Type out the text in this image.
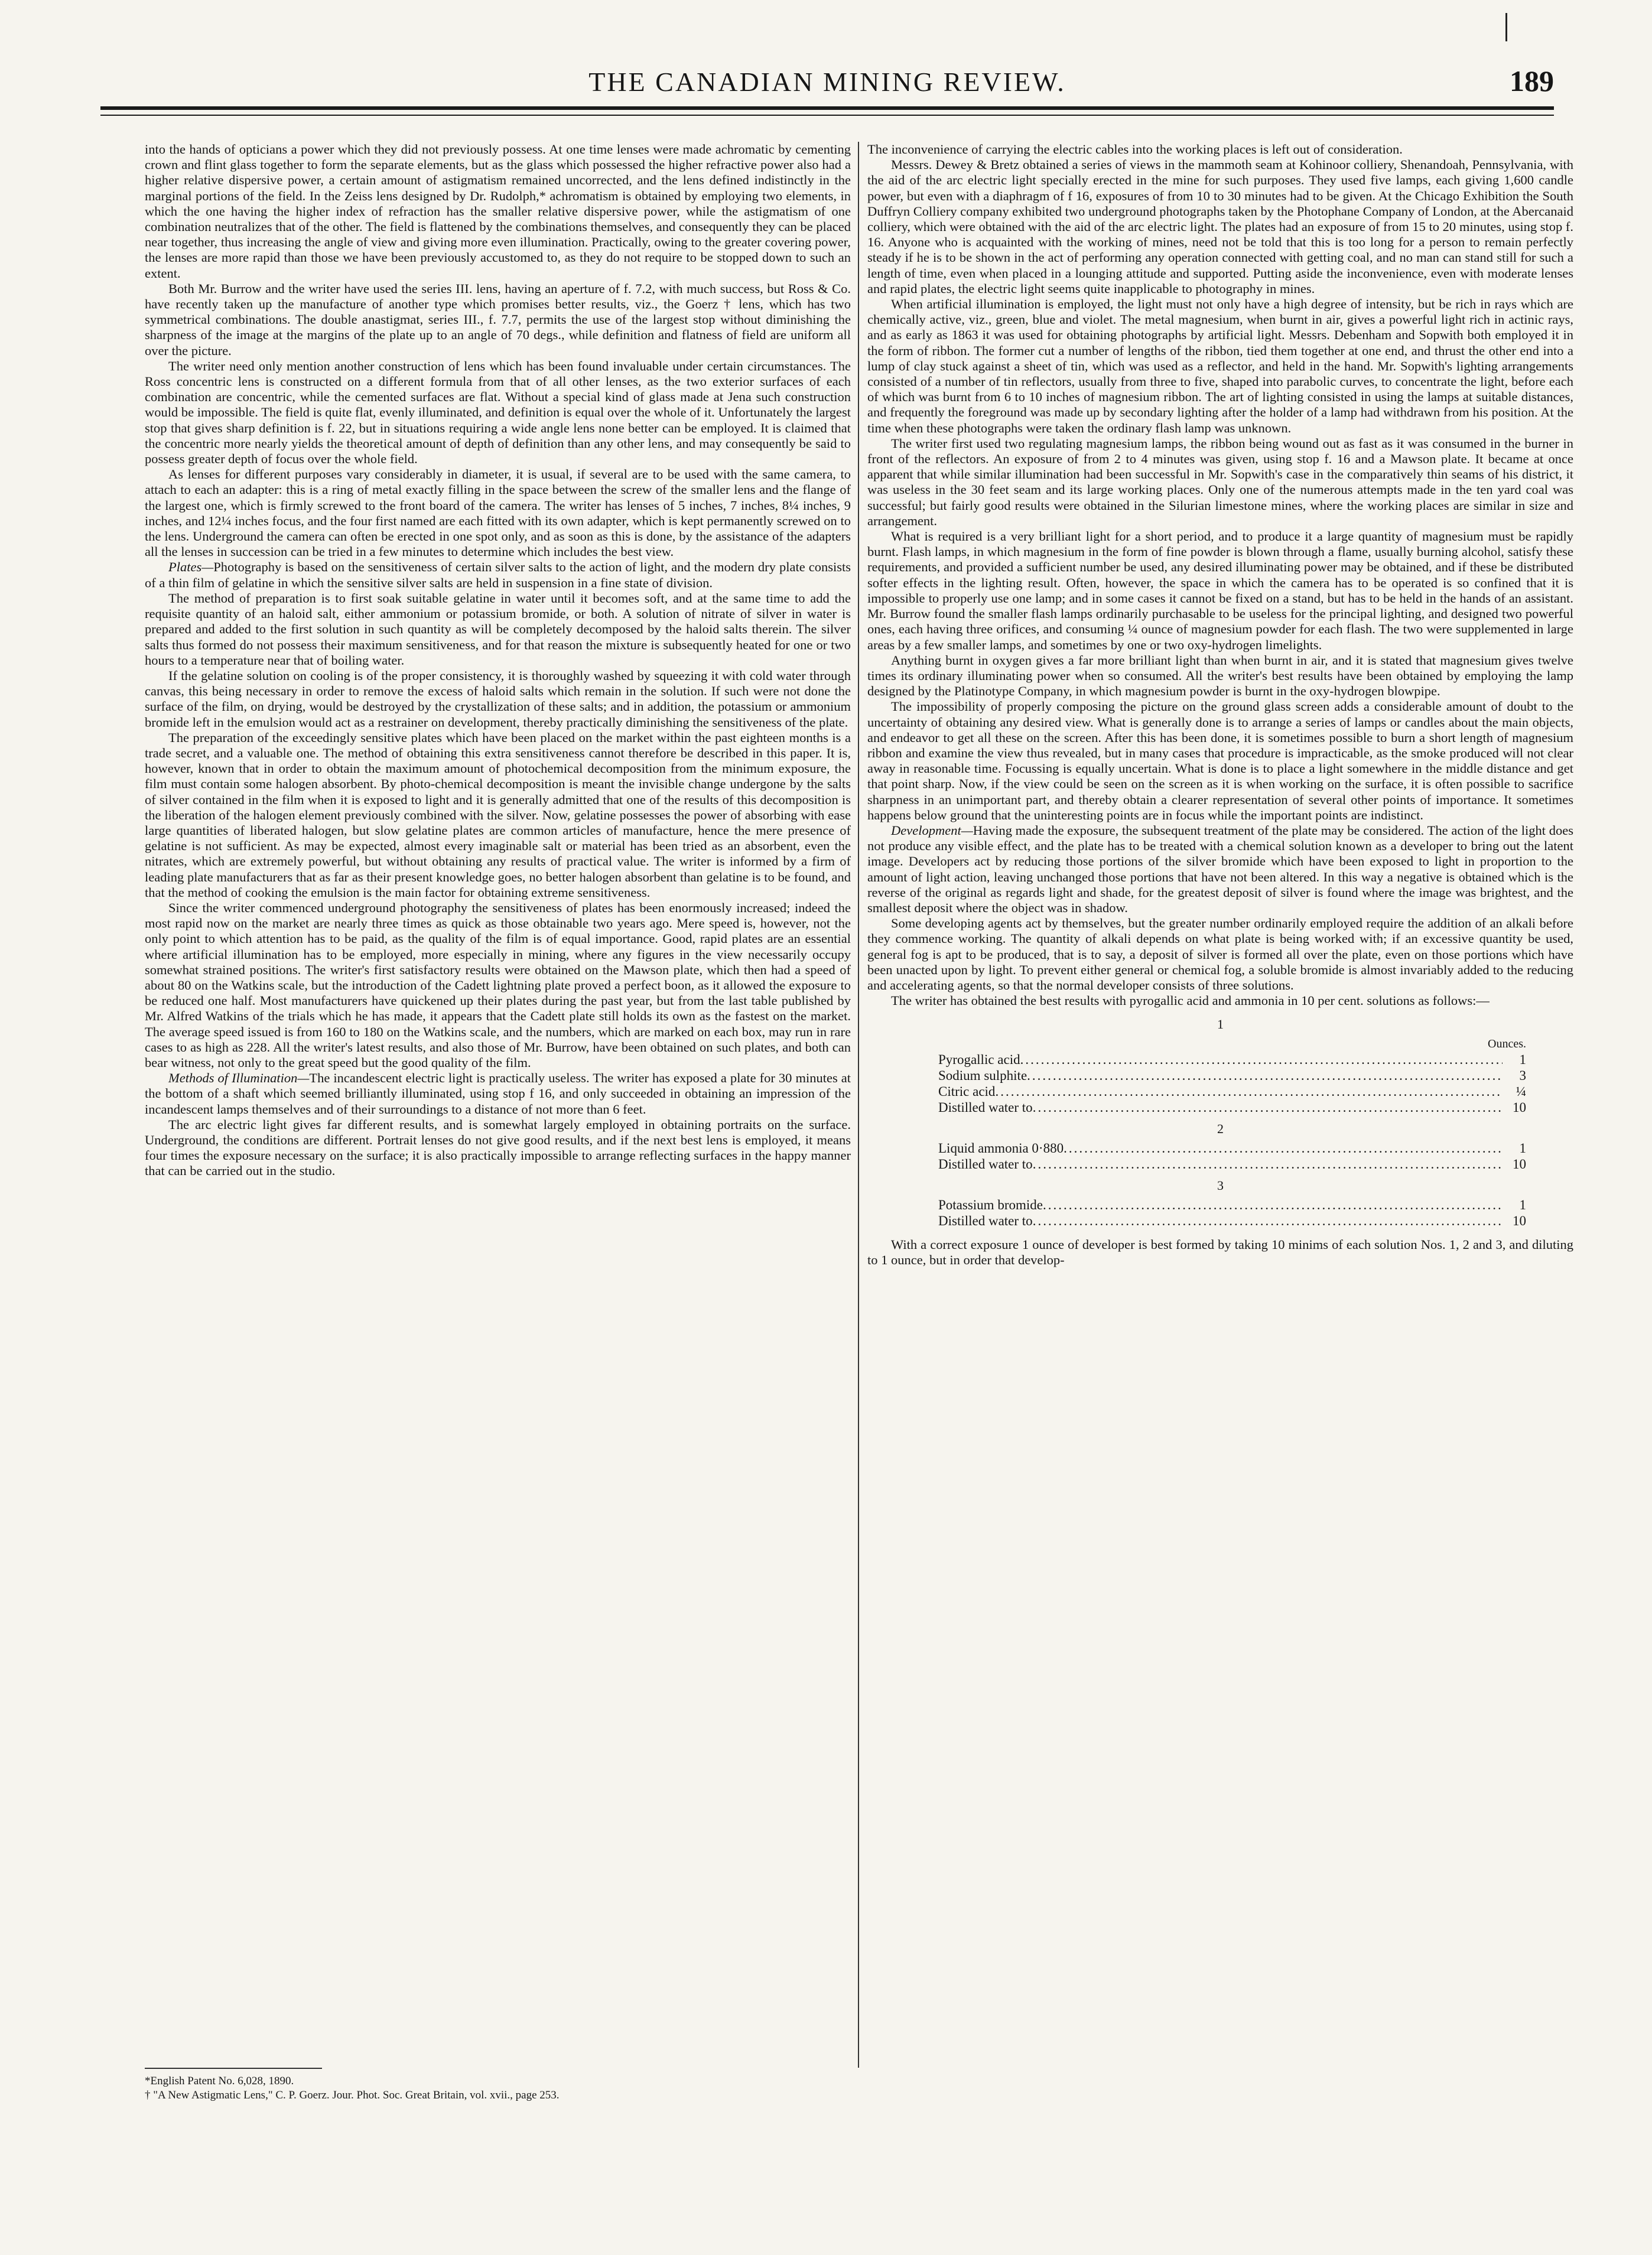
THE CANADIAN MINING REVIEW.	189

into the hands of opticians a power which they did not previously possess. At one time lenses were made achromatic by cementing crown and flint glass together to form the separate elements, but as the glass which possessed the higher refractive power also had a higher relative dispersive power, a certain amount of astigmatism remained uncorrected, and the lens defined indistinctly in the marginal portions of the field. In the Zeiss lens designed by Dr. Rudolph,* achromatism is obtained by employing two elements, in which the one having the higher index of refraction has the smaller relative dispersive power, while the astigmatism of one combination neutralizes that of the other. The field is flattened by the combinations themselves, and consequently they can be placed near together, thus increasing the angle of view and giving more even illumination. Practically, owing to the greater covering power, the lenses are more rapid than those we have been previously accustomed to, as they do not require to be stopped down to such an extent.

Both Mr. Burrow and the writer have used the series III. lens, having an aperture of f. 7.2, with much success, but Ross & Co. have recently taken up the manufacture of another type which promises better results, viz., the Goerz † lens, which has two symmetrical combinations. The double anastigmat, series III., f. 7.7, permits the use of the largest stop without diminishing the sharpness of the image at the margins of the plate up to an angle of 70 degs., while definition and flatness of field are uniform all over the picture.

The writer need only mention another construction of lens which has been found invaluable under certain circumstances. The Ross concentric lens is constructed on a different formula from that of all other lenses, as the two exterior surfaces of each combination are concentric, while the cemented surfaces are flat. Without a special kind of glass made at Jena such construction would be impossible. The field is quite flat, evenly illuminated, and definition is equal over the whole of it. Unfortunately the largest stop that gives sharp definition is f. 22, but in situations requiring a wide angle lens none better can be employed. It is claimed that the concentric more nearly yields the theoretical amount of depth of definition than any other lens, and may consequently be said to possess greater depth of focus over the whole field.

As lenses for different purposes vary considerably in diameter, it is usual, if several are to be used with the same camera, to attach to each an adapter: this is a ring of metal exactly filling in the space between the screw of the smaller lens and the flange of the largest one, which is firmly screwed to the front board of the camera. The writer has lenses of 5 inches, 7 inches, 8¼ inches, 9 inches, and 12¼ inches focus, and the four first named are each fitted with its own adapter, which is kept permanently screwed on to the lens. Underground the camera can often be erected in one spot only, and as soon as this is done, by the assistance of the adapters all the lenses in succession can be tried in a few minutes to determine which includes the best view.

Plates—Photography is based on the sensitiveness of certain silver salts to the action of light, and the modern dry plate consists of a thin film of gelatine in which the sensitive silver salts are held in suspension in a fine state of division.

The method of preparation is to first soak suitable gelatine in water until it becomes soft, and at the same time to add the requisite quantity of an haloid salt, either ammonium or potassium bromide, or both. A solution of nitrate of silver in water is prepared and added to the first solution in such quantity as will be completely decomposed by the haloid salts therein. The silver salts thus formed do not possess their maximum sensitiveness, and for that reason the mixture is subsequently heated for one or two hours to a temperature near that of boiling water.

If the gelatine solution on cooling is of the proper consistency, it is thoroughly washed by squeezing it with cold water through canvas, this being necessary in order to remove the excess of haloid salts which remain in the solution. If such were not done the surface of the film, on drying, would be destroyed by the crystallization of these salts; and in addition, the potassium or ammonium bromide left in the emulsion would act as a restrainer on development, thereby practically diminishing the sensitiveness of the plate.

The preparation of the exceedingly sensitive plates which have been placed on the market within the past eighteen months is a trade secret, and a valuable one. The method of obtaining this extra sensitiveness cannot therefore be described in this paper. It is, however, known that in order to obtain the maximum amount of photochemical decomposition from the minimum exposure, the film must contain some halogen absorbent. By photo-chemical decomposition is meant the invisible change undergone by the salts of silver contained in the film when it is exposed to light and it is generally admitted that one of the results of this decomposition is the liberation of the halogen element previously combined with the silver. Now, gelatine possesses the power of absorbing with ease large quantities of liberated halogen, but slow gelatine plates are common articles of manufacture, hence the mere presence of gelatine is not sufficient. As may be expected, almost every imaginable salt or material has been tried as an absorbent, even the nitrates, which are extremely powerful, but without obtaining any results of practical value. The writer is informed by a firm of leading plate manufacturers that as far as their present knowledge goes, no better halogen absorbent than gelatine is to be found, and that the method of cooking the emulsion is the main factor for obtaining extreme sensitiveness.

Since the writer commenced underground photography the sensitiveness of plates has been enormously increased; indeed the most rapid now on the market are nearly three times as quick as those obtainable two years ago. Mere speed is, however, not the only point to which attention has to be paid, as the quality of the film is of equal importance. Good, rapid plates are an essential where artificial illumination has to be employed, more especially in mining, where any figures in the view necessarily occupy somewhat strained positions. The writer's first satisfactory results were obtained on the Mawson plate, which then had a speed of about 80 on the Watkins scale, but the introduction of the Cadett lightning plate proved a perfect boon, as it allowed the exposure to be reduced one half. Most manufacturers have quickened up their plates during the past year, but from the last table published by Mr. Alfred Watkins of the trials which he has made, it appears that the Cadett plate still holds its own as the fastest on the market. The average speed issued is from 160 to 180 on the Watkins scale, and the numbers, which are marked on each box, may run in rare cases to as high as 228. All the writer's latest results, and also those of Mr. Burrow, have been obtained on such plates, and both can bear witness, not only to the great speed but the good quality of the film.

Methods of Illumination—The incandescent electric light is practically useless. The writer has exposed a plate for 30 minutes at the bottom of a shaft which seemed brilliantly illuminated, using stop f 16, and only succeeded in obtaining an impression of the incandescent lamps themselves and of their surroundings to a distance of not more than 6 feet.

The arc electric light gives far different results, and is somewhat largely employed in obtaining portraits on the surface. Underground, the conditions are different. Portrait lenses do not give good results, and if the next best lens is employed, it means four times the exposure necessary on the surface; it is also practically impossible to arrange reflecting surfaces in the happy manner that can be carried out in the studio.

The inconvenience of carrying the electric cables into the working places is left out of consideration.

Messrs. Dewey & Bretz obtained a series of views in the mammoth seam at Kohinoor colliery, Shenandoah, Pennsylvania, with the aid of the arc electric light specially erected in the mine for such purposes. They used five lamps, each giving 1,600 candle power, but even with a diaphragm of f 16, exposures of from 10 to 30 minutes had to be given. At the Chicago Exhibition the South Duffryn Colliery company exhibited two underground photographs taken by the Photophane Company of London, at the Abercanaid colliery, which were obtained with the aid of the arc electric light. The plates had an exposure of from 15 to 20 minutes, using stop f. 16. Anyone who is acquainted with the working of mines, need not be told that this is too long for a person to remain perfectly steady if he is to be shown in the act of performing any operation connected with getting coal, and no man can stand still for such a length of time, even when placed in a lounging attitude and supported. Putting aside the inconvenience, even with moderate lenses and rapid plates, the electric light seems quite inapplicable to photography in mines.

When artificial illumination is employed, the light must not only have a high degree of intensity, but be rich in rays which are chemically active, viz., green, blue and violet. The metal magnesium, when burnt in air, gives a powerful light rich in actinic rays, and as early as 1863 it was used for obtaining photographs by artificial light. Messrs. Debenham and Sopwith both employed it in the form of ribbon. The former cut a number of lengths of the ribbon, tied them together at one end, and thrust the other end into a lump of clay stuck against a sheet of tin, which was used as a reflector, and held in the hand. Mr. Sopwith's lighting arrangements consisted of a number of tin reflectors, usually from three to five, shaped into parabolic curves, to concentrate the light, before each of which was burnt from 6 to 10 inches of magnesium ribbon. The art of lighting consisted in using the lamps at suitable distances, and frequently the foreground was made up by secondary lighting after the holder of a lamp had withdrawn from his position. At the time when these photographs were taken the ordinary flash lamp was unknown.

The writer first used two regulating magnesium lamps, the ribbon being wound out as fast as it was consumed in the burner in front of the reflectors. An exposure of from 2 to 4 minutes was given, using stop f. 16 and a Mawson plate. It became at once apparent that while similar illumination had been successful in Mr. Sopwith's case in the comparatively thin seams of his district, it was useless in the 30 feet seam and its large working places. Only one of the numerous attempts made in the ten yard coal was successful; but fairly good results were obtained in the Silurian limestone mines, where the working places are similar in size and arrangement.

What is required is a very brilliant light for a short period, and to produce it a large quantity of magnesium must be rapidly burnt. Flash lamps, in which magnesium in the form of fine powder is blown through a flame, usually burning alcohol, satisfy these requirements, and provided a sufficient number be used, any desired illuminating power may be obtained, and if these be distributed softer effects in the lighting result. Often, however, the space in which the camera has to be operated is so confined that it is impossible to properly use one lamp; and in some cases it cannot be fixed on a stand, but has to be held in the hands of an assistant. Mr. Burrow found the smaller flash lamps ordinarily purchasable to be useless for the principal lighting, and designed two powerful ones, each having three orifices, and consuming ¼ ounce of magnesium powder for each flash. The two were supplemented in large areas by a few smaller lamps, and sometimes by one or two oxy-hydrogen limelights.

Anything burnt in oxygen gives a far more brilliant light than when burnt in air, and it is stated that magnesium gives twelve times its ordinary illuminating power when so consumed. All the writer's best results have been obtained by employing the lamp designed by the Platinotype Company, in which magnesium powder is burnt in the oxy-hydrogen blowpipe.

The impossibility of properly composing the picture on the ground glass screen adds a considerable amount of doubt to the uncertainty of obtaining any desired view. What is generally done is to arrange a series of lamps or candles about the main objects, and endeavor to get all these on the screen. After this has been done, it is sometimes possible to burn a short length of magnesium ribbon and examine the view thus revealed, but in many cases that procedure is impracticable, as the smoke produced will not clear away in reasonable time. Focussing is equally uncertain. What is done is to place a light somewhere in the middle distance and get that point sharp. Now, if the view could be seen on the screen as it is when working on the surface, it is often possible to sacrifice sharpness in an unimportant part, and thereby obtain a clearer representation of several other points of importance. It sometimes happens below ground that the uninteresting points are in focus while the important points are indistinct.

Development—Having made the exposure, the subsequent treatment of the plate may be considered. The action of the light does not produce any visible effect, and the plate has to be treated with a chemical solution known as a developer to bring out the latent image. Developers act by reducing those portions of the silver bromide which have been exposed to light in proportion to the amount of light action, leaving unchanged those portions that have not been altered. In this way a negative is obtained which is the reverse of the original as regards light and shade, for the greatest deposit of silver is found where the image was brightest, and the smallest deposit where the object was in shadow.

Some developing agents act by themselves, but the greater number ordinarily employed require the addition of an alkali before they commence working. The quantity of alkali depends on what plate is being worked with; if an excessive quantity be used, general fog is apt to be produced, that is to say, a deposit of silver is formed all over the plate, even on those portions which have been unacted upon by light. To prevent either general or chemical fog, a soluble bromide is almost invariably added to the reducing and accelerating agents, so that the normal developer consists of three solutions.

The writer has obtained the best results with pyrogallic acid and ammonia in 10 per cent. solutions as follows:—

1
Ounces.
Pyrogallic acid .....	1
Sodium sulphite .....	3
Citric acid .....	¼
Distilled water to .....	10
2
Liquid ammonia 0·880 .....	1
Distilled water to .....	10
3
Potassium bromide .....	1
Distilled water to .....	10

With a correct exposure 1 ounce of developer is best formed by taking 10 minims of each solution Nos. 1, 2 and 3, and diluting to 1 ounce, but in order that develop-

*English Patent No. 6,028, 1890.

† "A New Astigmatic Lens," C. P. Goerz. Jour. Phot. Soc. Great Britain, vol. xvii., page 253.
